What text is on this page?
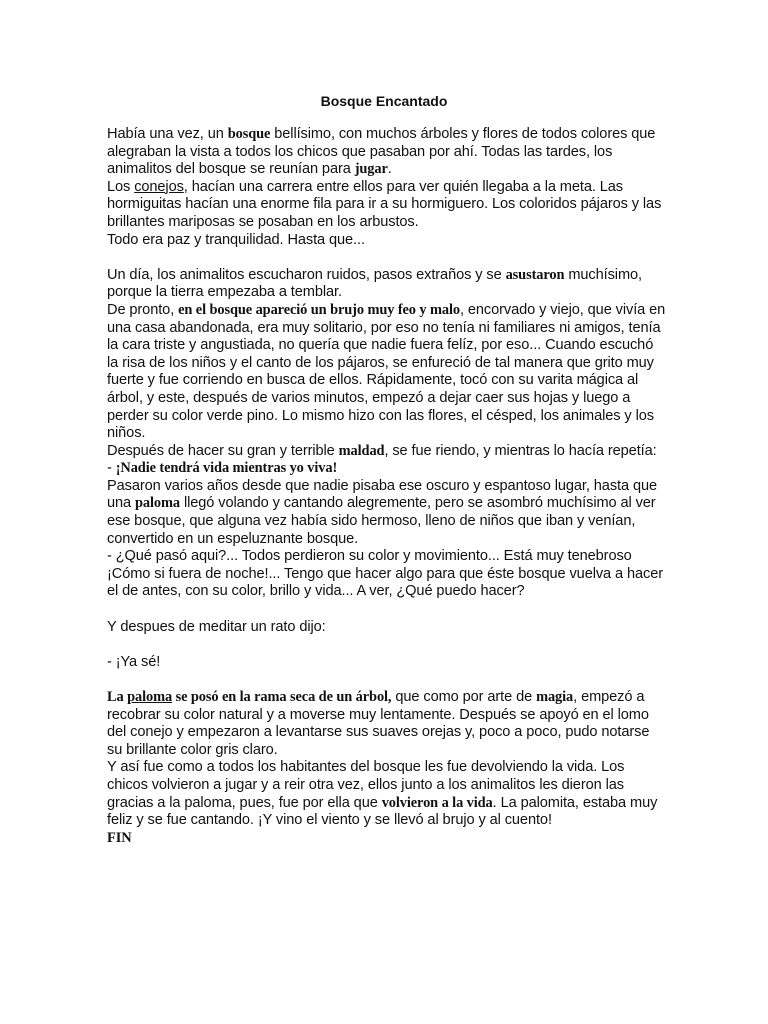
Bosque Encantado

Había una vez, un bosque bellísimo, con muchos árboles y flores de todos colores que alegraban la vista a todos los chicos que pasaban por ahí. Todas las tardes, los animalitos del bosque se reunían para jugar.

Los conejos, hacían una carrera entre ellos para ver quién llegaba a la meta. Las hormiguitas hacían una enorme fila para ir a su hormiguero. Los coloridos pájaros y las brillantes mariposas se posaban en los arbustos.

Todo era paz y tranquilidad. Hasta que...

Un día, los animalitos escucharon ruidos, pasos extraños y se asustaron muchísimo, porque la tierra empezaba a temblar.

De pronto, en el bosque apareció un brujo muy feo y malo, encorvado y viejo, que vivía en una casa abandonada, era muy solitario, por eso no tenía ni familiares ni amigos, tenía la cara triste y angustiada, no quería que nadie fuera felíz, por eso... Cuando escuchó la risa de los niños y el canto de los pájaros, se enfureció de tal manera que grito muy fuerte y fue corriendo en busca de ellos. Rápidamente, tocó con su varita mágica al árbol, y este, después de varios minutos, empezó a dejar caer sus hojas y luego a perder su color verde pino. Lo mismo hizo con las flores, el césped, los animales y los niños.

Después de hacer su gran y terrible maldad, se fue riendo, y mientras lo hacía repetía:

- ¡Nadie tendrá vida mientras yo viva!

Pasaron varios años desde que nadie pisaba ese oscuro y espantoso lugar, hasta que una paloma llegó volando y cantando alegremente, pero se asombró muchísimo al ver ese bosque, que alguna vez había sido hermoso, lleno de niños que iban y venían, convertido en un espeluznante bosque.

- ¿Qué pasó aqui?... Todos perdieron su color y movimiento... Está muy tenebroso ¡Cómo si fuera de noche!... Tengo que hacer algo para que éste bosque vuelva a hacer el de antes, con su color, brillo y vida... A ver, ¿Qué puedo hacer?

Y despues de meditar un rato dijo:

- ¡Ya sé!

La paloma se posó en la rama seca de un árbol, que como por arte de magia, empezó a recobrar su color natural y a moverse muy lentamente. Después se apoyó en el lomo del conejo y empezaron a levantarse sus suaves orejas y, poco a poco, pudo notarse su brillante color gris claro.

Y así fue como a todos los habitantes del bosque les fue devolviendo la vida. Los chicos volvieron a jugar y a reir otra vez, ellos junto a los animalitos les dieron las gracias a la paloma, pues, fue por ella que volvieron a la vida. La palomita, estaba muy feliz y se fue cantando. ¡Y vino el viento y se llevó al brujo y al cuento!

FIN
